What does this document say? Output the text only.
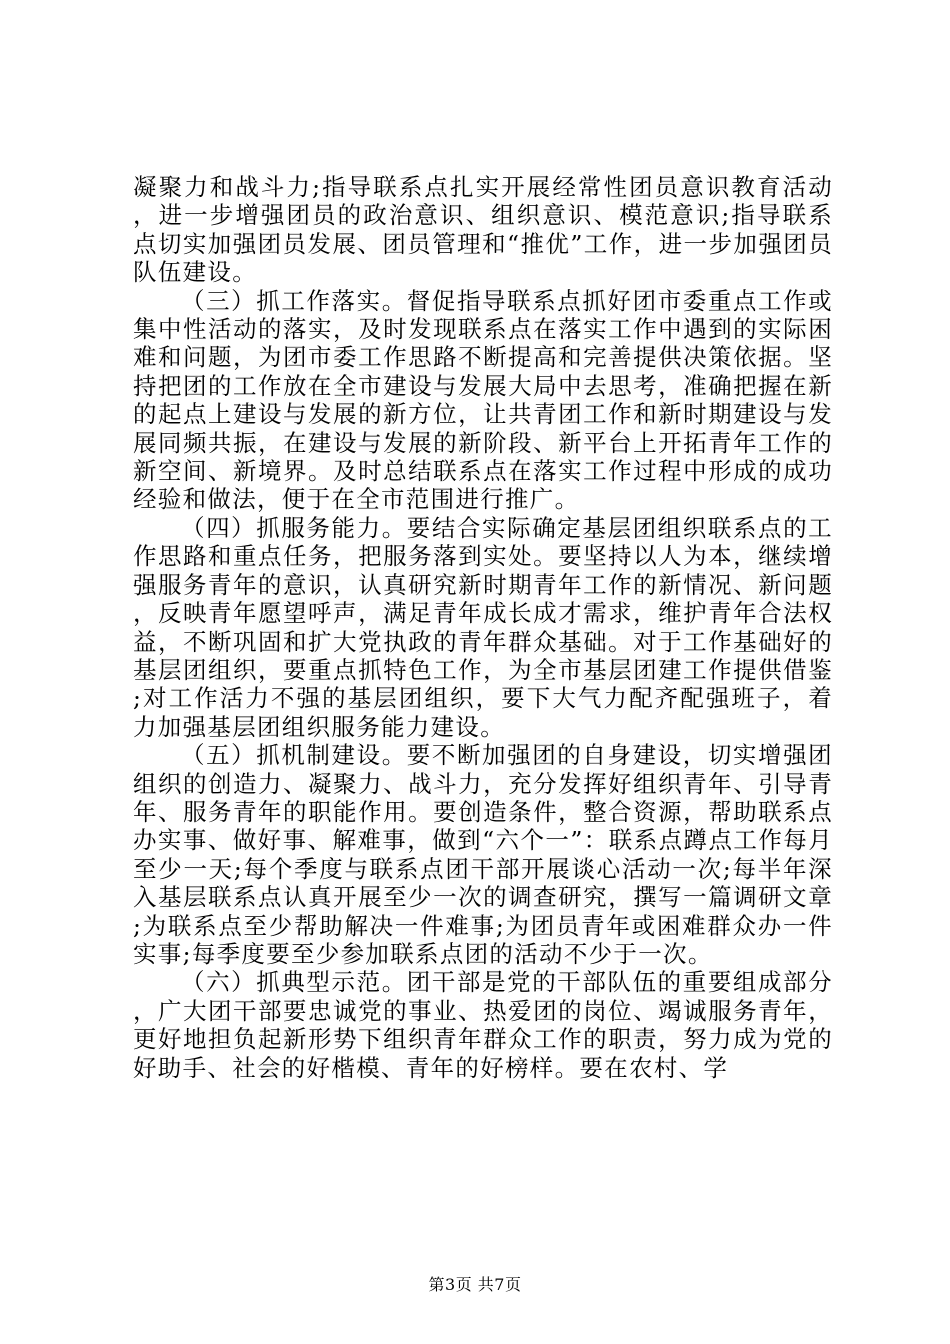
凝聚力和战斗力;指导联系点扎实开展经常性团员意识教育活动，进一步增强团员的政治意识、组织意识、模范意识;指导联系点切实加强团员发展、团员管理和“推优”工作，进一步加强团员队伍建设。

（三）抓工作落实。督促指导联系点抓好团市委重点工作或集中性活动的落实，及时发现联系点在落实工作中遇到的实际困难和问题，为团市委工作思路不断提高和完善提供决策依据。坚持把团的工作放在全市建设与发展大局中去思考，准确把握在新的起点上建设与发展的新方位，让共青团工作和新时期建设与发展同频共振，在建设与发展的新阶段、新平台上开拓青年工作的新空间、新境界。及时总结联系点在落实工作过程中形成的成功经验和做法，便于在全市范围进行推广。

（四）抓服务能力。要结合实际确定基层团组织联系点的工作思路和重点任务，把服务落到实处。要坚持以人为本，继续增强服务青年的意识，认真研究新时期青年工作的新情况、新问题，反映青年愿望呼声，满足青年成长成才需求，维护青年合法权益，不断巩固和扩大党执政的青年群众基础。对于工作基础好的基层团组织，要重点抓特色工作，为全市基层团建工作提供借鉴;对工作活力不强的基层团组织，要下大气力配齐配强班子，着力加强基层团组织服务能力建设。

（五）抓机制建设。要不断加强团的自身建设，切实增强团组织的创造力、凝聚力、战斗力，充分发挥好组织青年、引导青年、服务青年的职能作用。要创造条件，整合资源，帮助联系点办实事、做好事、解难事，做到“六个一”：联系点蹲点工作每月至少一天;每个季度与联系点团干部开展谈心活动一次;每半年深入基层联系点认真开展至少一次的调查研究，撰写一篇调研文章;为联系点至少帮助解决一件难事;为团员青年或困难群众办一件实事;每季度要至少参加联系点团的活动不少于一次。

（六）抓典型示范。团干部是党的干部队伍的重要组成部分，广大团干部要忠诚党的事业、热爱团的岗位、竭诚服务青年，更好地担负起新形势下组织青年群众工作的职责，努力成为党的好助手、社会的好楷模、青年的好榜样。要在农村、学

第3页 共7页
